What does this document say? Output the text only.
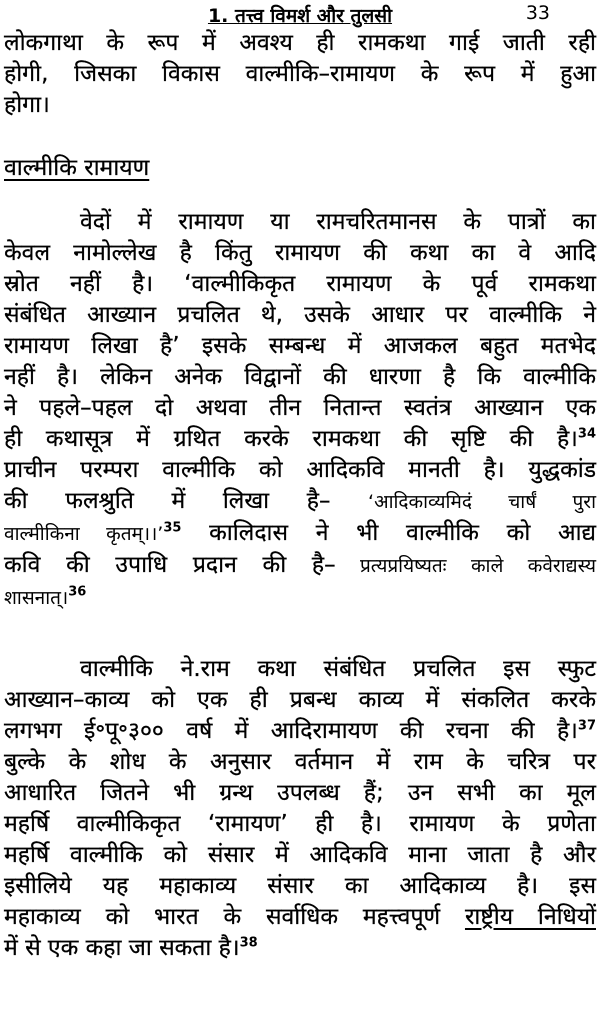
1. तत्त्व विमर्श और तुलसी	33
लोकगाथा के रूप में अवश्य ही रामकथा गाई जाती रही
होगी, जिसका विकास वाल्मीकि–रामायण के रूप में हुआ
होगा।
वाल्मीकि रामायण
वेदों में रामायण या रामचरितमानस के पात्रों का
केवल नामोल्लेख है किंतु रामायण की कथा का वे आदि
स्रोत नहीं है। ‘वाल्मीकिकृत रामायण के पूर्व रामकथा
संबंधित आख्यान प्रचलित थे, उसके आधार पर वाल्मीकि ने
रामायण लिखा है’ इसके सम्बन्ध में आजकल बहुत मतभेद
नहीं है। लेकिन अनेक विद्वानों की धारणा है कि वाल्मीकि
ने पहले–पहल दो अथवा तीन नितान्त स्वतंत्र आख्यान एक
ही कथासूत्र में ग्रथित करके रामकथा की सृष्टि की है।$^{34}$
प्राचीन परम्परा वाल्मीकि को आदिकवि मानती है। युद्धकांड
की फलश्रुति में लिखा है– ‘आदिकाव्यमिदं चार्षं पुरा
वाल्मीकिना कृतम्।।’$^{35}$ कालिदास ने भी वाल्मीकि को आद्य
कवि की उपाधि प्रदान की है– प्रत्यप्रयिष्यतः काले कवेराद्यस्य
शासनात्।$^{36}$
वाल्मीकि ने.राम कथा संबंधित प्रचलित इस स्फुट
आख्यान–काव्य को एक ही प्रबन्ध काव्य में संकलित करके
लगभग ई॰पू॰३०० वर्ष में आदिरामायण की रचना की है।$^{37}$
बुल्के के शोध के अनुसार वर्तमान में राम के चरित्र पर
आधारित जितने भी ग्रन्थ उपलब्ध हैं; उन सभी का मूल
महर्षि वाल्मीकिकृत ‘रामायण’ ही है। रामायण के प्रणेता
महर्षि वाल्मीकि को संसार में आदिकवि माना जाता है और
इसीलिये यह महाकाव्य संसार का आदिकाव्य है। इस
महाकाव्य को भारत के सर्वाधिक महत्त्वपूर्ण राष्ट्रीय निधियों
में से एक कहा जा सकता है।$^{38}$
